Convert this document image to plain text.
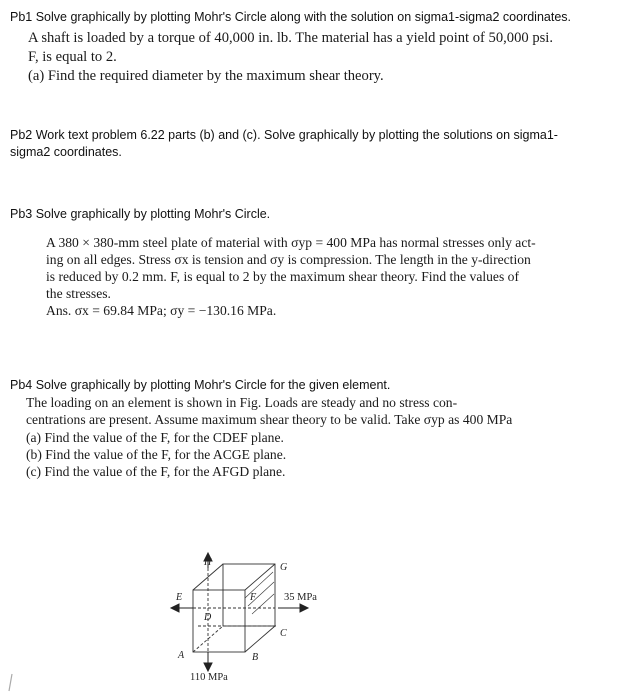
Pb1 Solve graphically by plotting Mohr's Circle along with the solution on sigma1-sigma2 coordinates.
A shaft is loaded by a torque of 40,000 in. lb. The material has a yield point of 50,000 psi.
F, is equal to 2.
(a) Find the required diameter by the maximum shear theory.
Pb2 Work text problem 6.22 parts (b) and (c). Solve graphically by plotting the solutions on sigma1-
sigma2 coordinates.
Pb3 Solve graphically by plotting Mohr's Circle.
A 380 × 380-mm steel plate of material with σyp = 400 MPa has normal stresses only act-
ing on all edges. Stress σx is tension and σy is compression. The length in the y-direction
is reduced by 0.2 mm. F, is equal to 2 by the maximum shear theory. Find the values of
the stresses.
Ans. σx = 69.84 MPa; σy = −130.16 MPa.
Pb4 Solve graphically by plotting Mohr's Circle for the given element.
The loading on an element is shown in Fig. Loads are steady and no stress con-
centrations are present. Assume maximum shear theory to be valid. Take σyp as 400 MPa
(a) Find the value of the F, for the CDEF plane.
(b) Find the value of the F, for the ACGE plane.
(c) Find the value of the F, for the AFGD plane.
H	G
E	F
D
C
A	B
35 MPa
110 MPa
